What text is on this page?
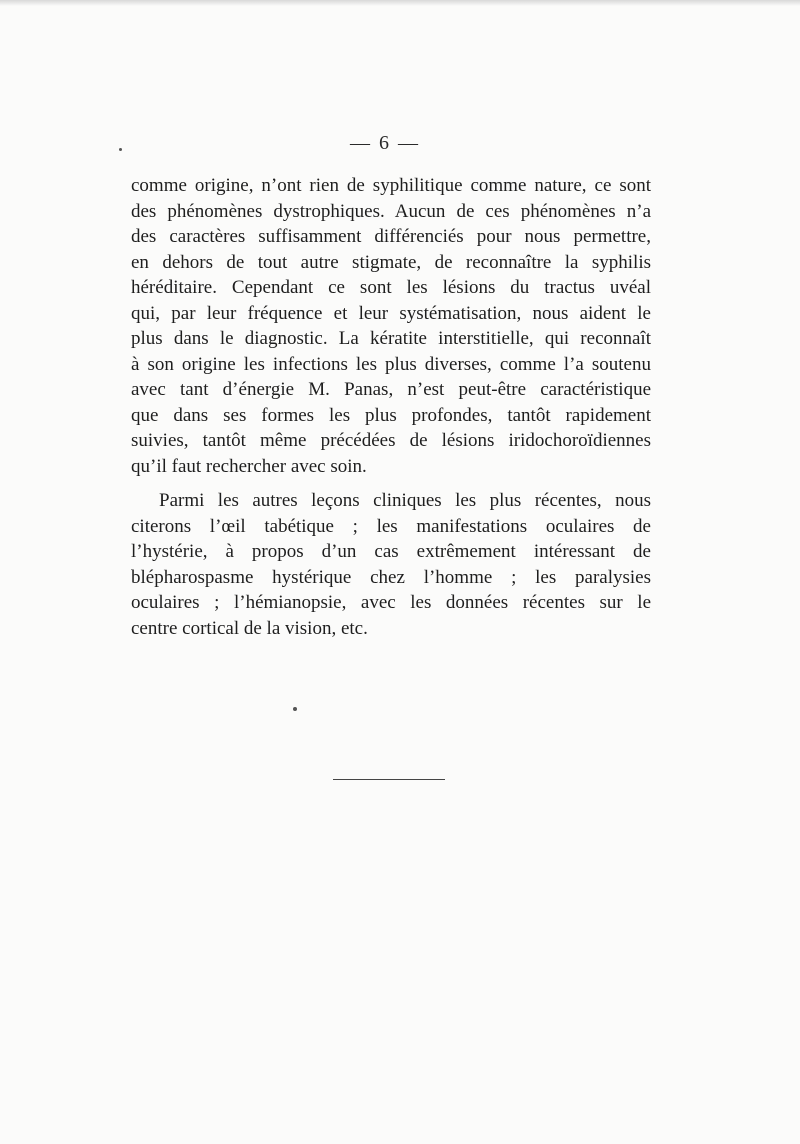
— 6 —
comme origine, n’ont rien de syphilitique comme nature, ce sont
des phénomènes dystrophiques. Aucun de ces phénomènes n’a
des caractères suffisamment différenciés pour nous permettre,
en dehors de tout autre stigmate, de reconnaître la syphilis
héréditaire. Cependant ce sont les lésions du tractus uvéal
qui, par leur fréquence et leur systématisation, nous aident le
plus dans le diagnostic. La kératite interstitielle, qui reconnaît
à son origine les infections les plus diverses, comme l’a soutenu
avec tant d’énergie M. Panas, n’est peut-être caractéristique
que dans ses formes les plus profondes, tantôt rapidement
suivies, tantôt même précédées de lésions iridochoroïdiennes
qu’il faut rechercher avec soin.
Parmi les autres leçons cliniques les plus récentes, nous
citerons l’œil tabétique ; les manifestations oculaires de
l’hystérie, à propos d’un cas extrêmement intéressant de
blépharospasme hystérique chez l’homme ; les paralysies
oculaires ; l’hémianopsie, avec les données récentes sur le
centre cortical de la vision, etc.
